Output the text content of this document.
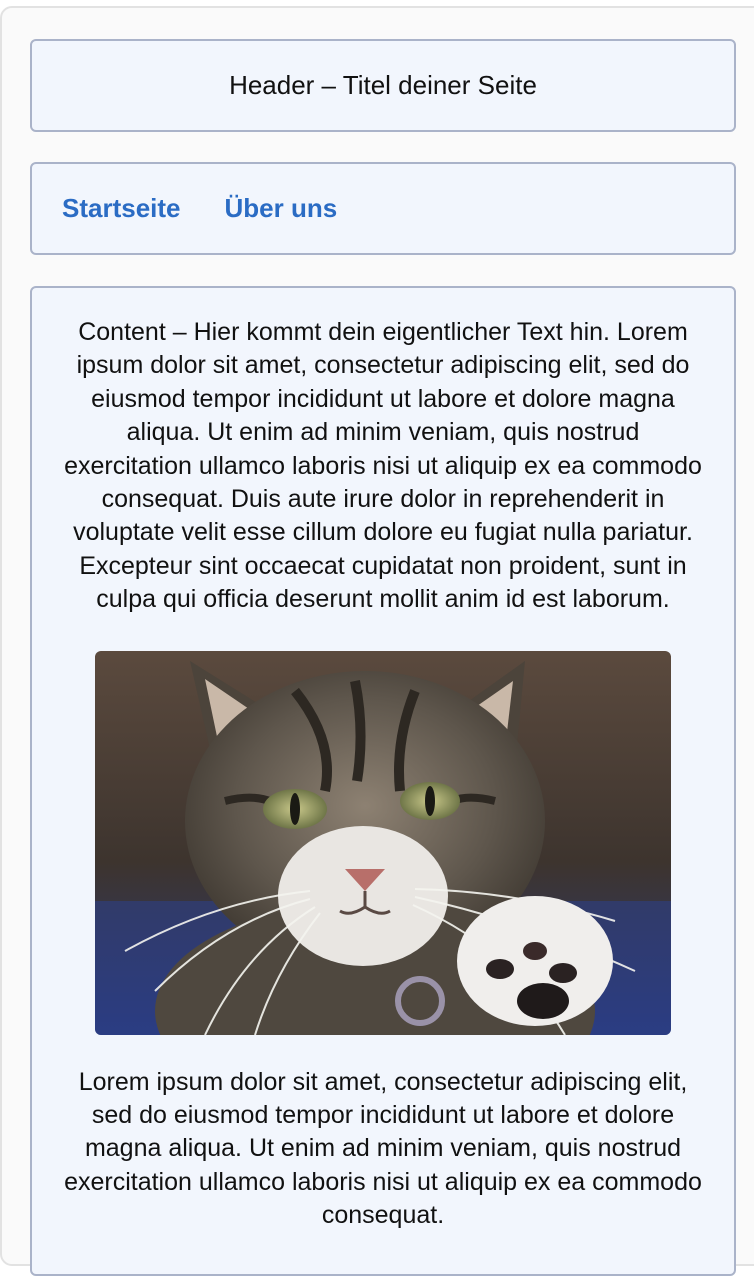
Header – Titel deiner Seite
Startseite Über uns

Content – Hier kommt dein eigentlicher Text hin. Lorem ipsum dolor sit amet, consectetur adipiscing elit, sed do eiusmod tempor incididunt ut labore et dolore magna aliqua. Ut enim ad minim veniam, quis nostrud exercitation ullamco laboris nisi ut aliquip ex ea commodo consequat. Duis aute irure dolor in reprehenderit in voluptate velit esse cillum dolore eu fugiat nulla pariatur. Excepteur sint occaecat cupidatat non proident, sunt in culpa qui officia deserunt mollit anim id est laborum.

Lorem ipsum dolor sit amet, consectetur adipiscing elit, sed do eiusmod tempor incididunt ut labore et dolore magna aliqua. Ut enim ad minim veniam, quis nostrud exercitation ullamco laboris nisi ut aliquip ex ea commodo consequat.
